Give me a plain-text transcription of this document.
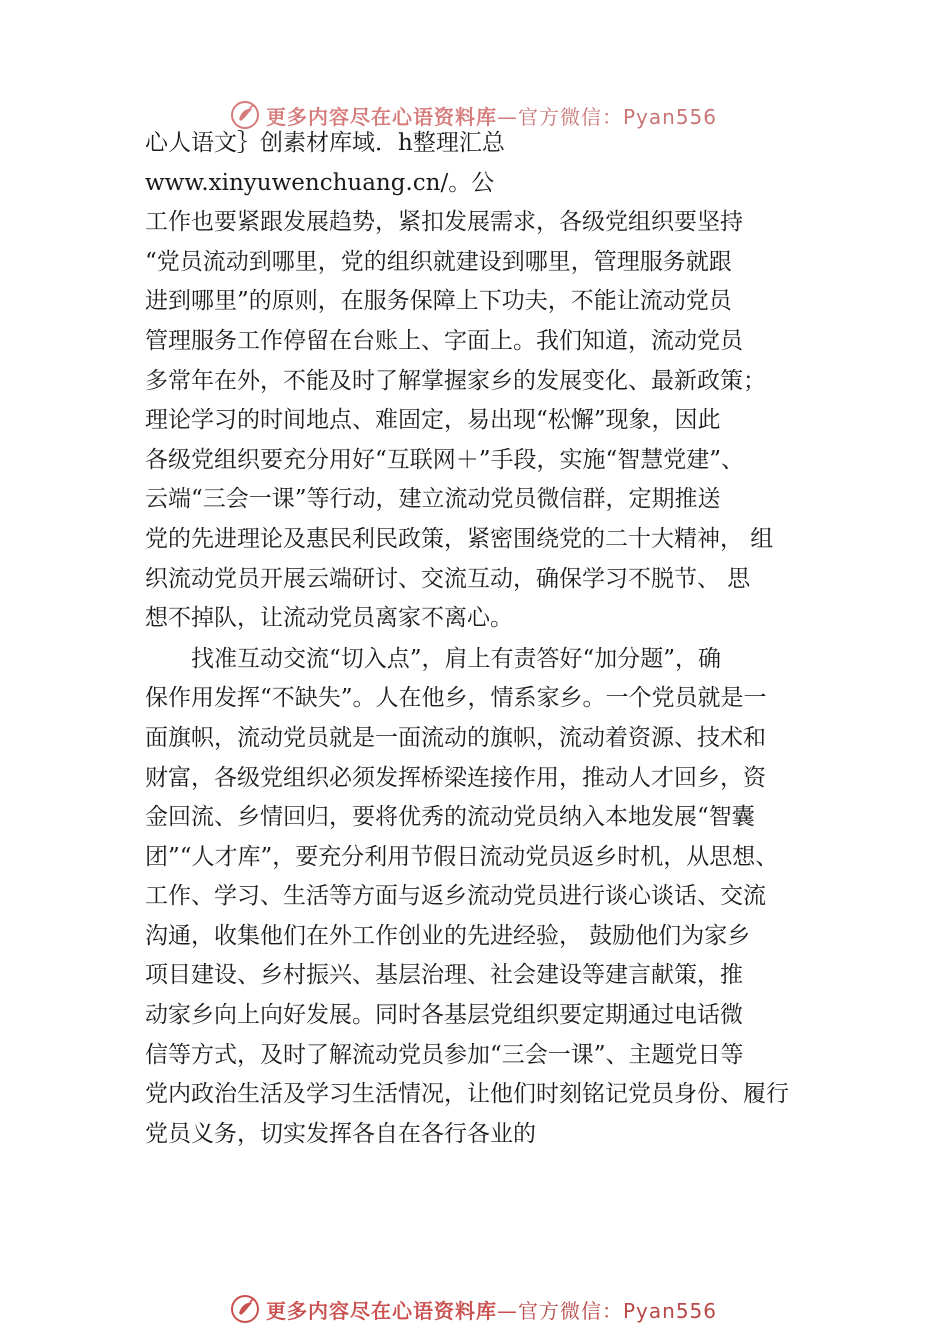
更多内容尽在心语资料库—官方微信：Pyan556

心人语文｝创素材库域．h整理汇总www.xinyuwenchuang.cn/。公
工作也要紧跟发展趋势，紧扣发展需求，各级党组织要坚持
“党员流动到哪里，党的组织就建设到哪里，管理服务就跟
进到哪里”的原则，在服务保障上下功夫，不能让流动党员
管理服务工作停留在台账上、字面上。我们知道，流动党员
多常年在外，不能及时了解掌握家乡的发展变化、最新政策；
理论学习的时间地点、难固定，易出现“松懈”现象，因此
各级党组织要充分用好“互联网＋”手段，实施“智慧党建”、
云端“三会一课”等行动，建立流动党员微信群，定期推送
党的先进理论及惠民利民政策，紧密围绕党的二十大精神， 组
织流动党员开展云端研讨、交流互动，确保学习不脱节、 思
想不掉队，让流动党员离家不离心。

找准互动交流“切入点”，肩上有责答好“加分题”，确
保作用发挥“不缺失”。人在他乡，情系家乡。一个党员就是一
面旗帜，流动党员就是一面流动的旗帜，流动着资源、技术和
财富，各级党组织必须发挥桥梁连接作用，推动人才回乡，资
金回流、乡情回归，要将优秀的流动党员纳入本地发展“智囊
团”“人才库”，要充分利用节假日流动党员返乡时机，从思想、
工作、学习、生活等方面与返乡流动党员进行谈心谈话、交流
沟通，收集他们在外工作创业的先进经验， 鼓励他们为家乡
项目建设、乡村振兴、基层治理、社会建设等建言献策，推
动家乡向上向好发展。同时各基层党组织要定期通过电话微
信等方式，及时了解流动党员参加“三会一课”、主题党日等
党内政治生活及学习生活情况，让他们时刻铭记党员身份、履行
党员义务，切实发挥各自在各行各业的

更多内容尽在心语资料库—官方微信：Pyan556
